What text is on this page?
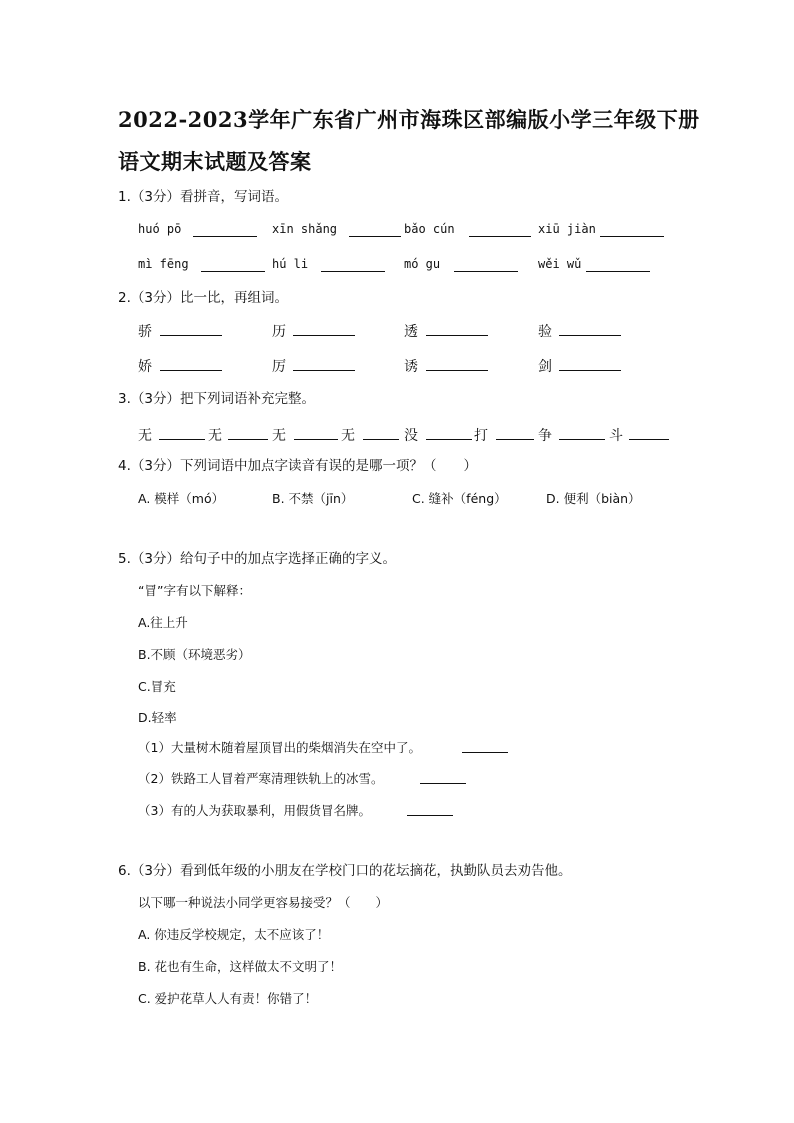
2022-2023学年广东省广州市海珠区部编版小学三年级下册
语文期末试题及答案
1.（3分）看拼音，写词语。
huó pō	xīn shǎng	bǎo cún	xiū jiàn
mì fēng	hú li	mó gu	wěi wǔ
2.（3分）比一比，再组词。
骄	历	透	验
娇	厉	诱	剑
3.（3分）把下列词语补充完整。
无	无	无	无	没	打	争	斗
4.（3分）下列词语中加点字读音有误的是哪一项？（　　）
A. 模样（mó）	B. 不禁（jīn）	C. 缝补（féng）	D. 便利（biàn）
5.（3分）给句子中的加点字选择正确的字义。
“冒”字有以下解释：
A.往上升
B.不顾（环境恶劣）
C.冒充
D.轻率
（1）大量树木随着屋顶冒出的柴烟消失在空中了。
（2）铁路工人冒着严寒清理铁轨上的冰雪。
（3）有的人为获取暴利，用假货冒名牌。
6.（3分）看到低年级的小朋友在学校门口的花坛摘花，执勤队员去劝告他。
以下哪一种说法小同学更容易接受？（　　）
A. 你违反学校规定，太不应该了！
B. 花也有生命，这样做太不文明了！
C. 爱护花草人人有责！你错了！
